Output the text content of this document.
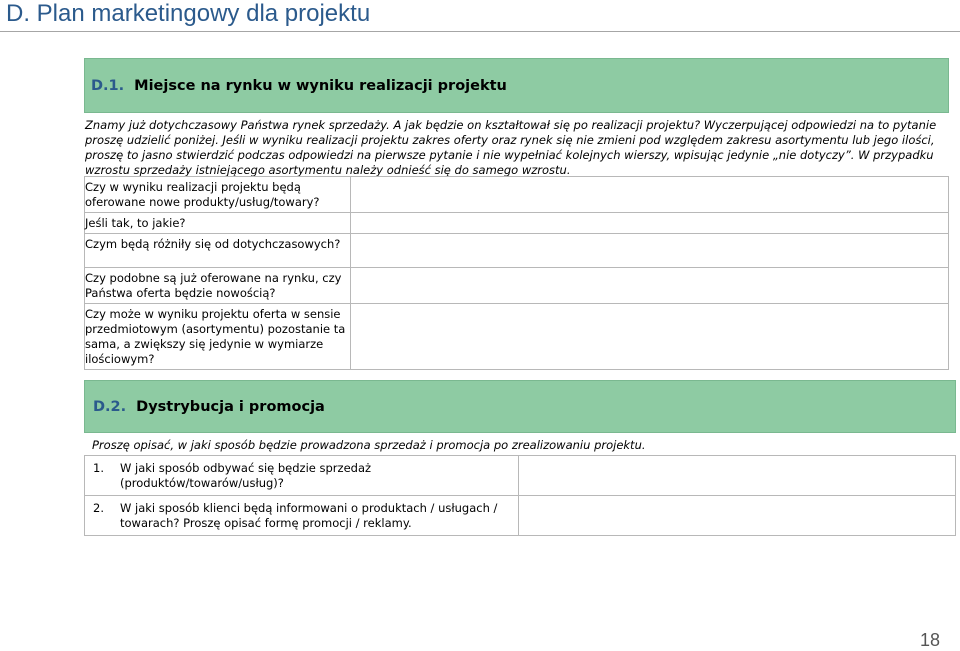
D. Plan marketingowy dla projektu
D.1. Miejsce na rynku w wyniku realizacji projektu
Znamy już dotychczasowy Państwa rynek sprzedaży. A jak będzie on kształtował się po realizacji projektu? Wyczerpującej odpowiedzi na to pytanie proszę udzielić poniżej. Jeśli w wyniku realizacji projektu zakres oferty oraz rynek się nie zmieni pod względem zakresu asortymentu lub jego ilości, proszę to jasno stwierdzić podczas odpowiedzi na pierwsze pytanie i nie wypełniać kolejnych wierszy, wpisując jedynie „nie dotyczy”. W przypadku wzrostu sprzedaży istniejącego asortymentu należy odnieść się do samego wzrostu.
Czy w wyniku realizacji projektu będą oferowane nowe produkty/usług/towary?	
Jeśli tak, to jakie?	
Czym będą różniły się od dotychczasowych?	
Czy podobne są już oferowane na rynku, czy Państwa oferta będzie nowością?	
Czy może w wyniku projektu oferta w sensie przedmiotowym (asortymentu) pozostanie ta sama, a zwiększy się jedynie w wymiarze ilościowym?	
D.2. Dystrybucja i promocja
Proszę opisać, w jaki sposób będzie prowadzona sprzedaż i promocja po zrealizowaniu projektu.
1. W jaki sposób odbywać się będzie sprzedaż (produktów/towarów/usług)?	
2. W jaki sposób klienci będą informowani o produktach / usługach / towarach? Proszę opisać formę promocji / reklamy.	
18
